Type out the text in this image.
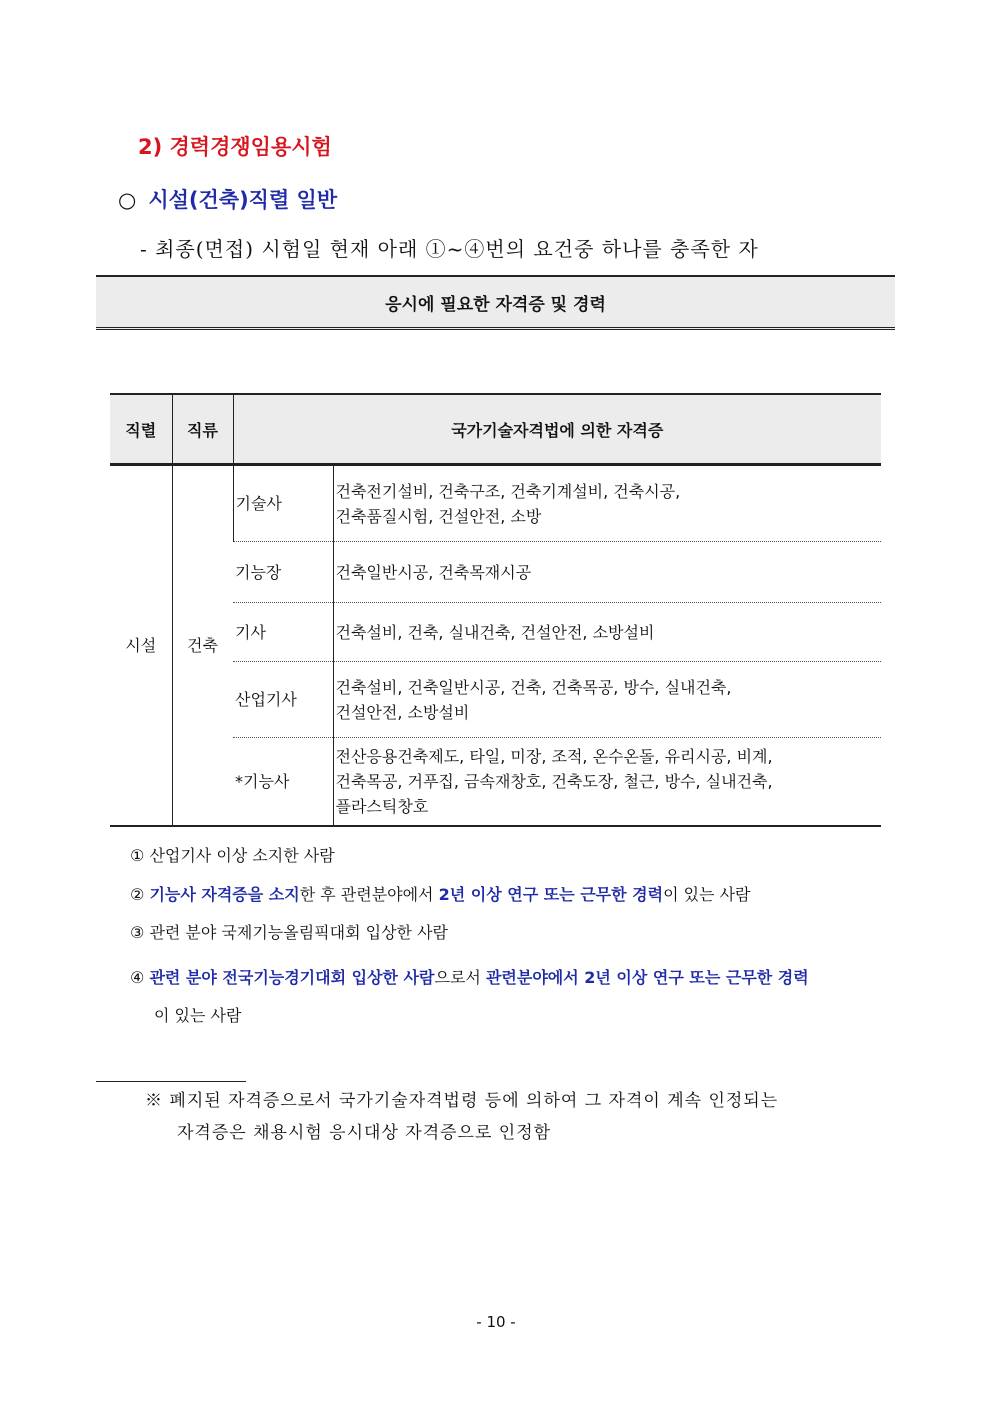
2) 경력경쟁임용시험
○ 시설(건축)직렬 일반
- 최종(면접) 시험일 현재 아래 ①~④번의 요건중 하나를 충족한 자
응시에 필요한 자격증 및 경력
직렬	직류	국가기술자격법에 의한 자격증	
시설	건축	기술사	건축전기설비, 건축구조, 건축기계설비, 건축시공,
건축품질시험, 건설안전, 소방

		기능장	건축일반시공, 건축목재시공

		기사	건축설비, 건축, 실내건축, 건설안전, 소방설비

		산업기사	건축설비, 건축일반시공, 건축, 건축목공, 방수, 실내건축,
건설안전, 소방설비

		*기능사	전산응용건축제도, 타일, 미장, 조적, 온수온돌, 유리시공, 비계,
건축목공, 거푸집, 금속재창호, 건축도장, 철근, 방수, 실내건축,
플라스틱창호
① 산업기사 이상 소지한 사람
② 기능사 자격증을 소지한 후 관련분야에서 2년 이상 연구 또는 근무한 경력이 있는 사람
③ 관련 분야 국제기능올림픽대회 입상한 사람
④ 관련 분야 전국기능경기대회 입상한 사람으로서 관련분야에서 2년 이상 연구 또는 근무한 경력
이 있는 사람
※ 폐지된 자격증으로서 국가기술자격법령 등에 의하여 그 자격이 계속 인정되는
자격증은 채용시험 응시대상 자격증으로 인정함
- 10 -
